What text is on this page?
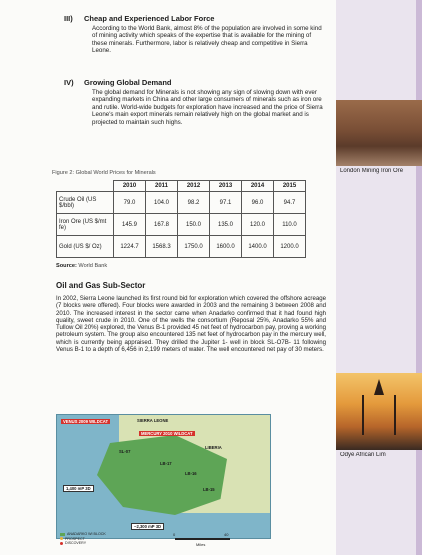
London Mining Iron Ore
Odye African Lim
III) Cheap and Experienced Labor Force
According to the World Bank, almost 8% of the population are involved in some kind of mining activity which speaks of the expertise that is available for the mining of these minerals. Furthermore, labor is relatively cheap and competitive in Sierra Leone.
IV) Growing Global Demand
The global demand for Minerals is not showing any sign of slowing down with ever expanding markets in China and other large consumers of minerals such as iron ore and rutile. World-wide budgets for exploration have increased and the price of Sierra Leone's main export minerals remain relatively high on the global market and is projected to maintain such highs.
Figure 2: Global World Prices for Minerals
	2010	2011	2012	2013	2014	2015
Crude Oil (US $/bbl)	79.0	104.0	98.2	97.1	96.0	94.7
Iron Ore (US $/mt fe)	145.9	167.8	150.0	135.0	120.0	110.0
Gold (US $/ Oz)	1224.7	1568.3	1750.0	1600.0	1400.0	1200.0
Source: World Bank
Oil and Gas Sub-Sector
In 2002, Sierra Leone launched its first round bid for exploration which covered the offshore acreage (7 blocks were offered). Four blocks were awarded in 2003 and the remaining 3 between 2008 and 2010. The increased interest in the sector came when Anadarko confirmed that it had found high quality, sweet crude in 2010. One of the wells the consortium (Reposal 25%, Anadarko 55% and Tullow Oil 20%) explored, the Venus B-1 provided 45 net feet of hydrocarbon pay, proving a working petroleum system. The group also encountered 135 net feet of hydrocarbon pay in the mercury well, which is currently being appraised. They drilled the Jupiter 1- well in block SL-O7B- 11 following Venus B-1 to a depth of 6,456 in 2,199 meters of water. The well encountered net pay of 30 meters.
VENUS 2009 WILDCAT	SIERRA LEONE
MERCURY 2010 WILDCAT
LIBERIA
SL-07
LB-17
LB-16
LB-15
1,400 mP 3D
~2,300 mP 3D
ANADARKO WI BLOCK
PROSPECT
DISCOVERY
0	40
Miles
